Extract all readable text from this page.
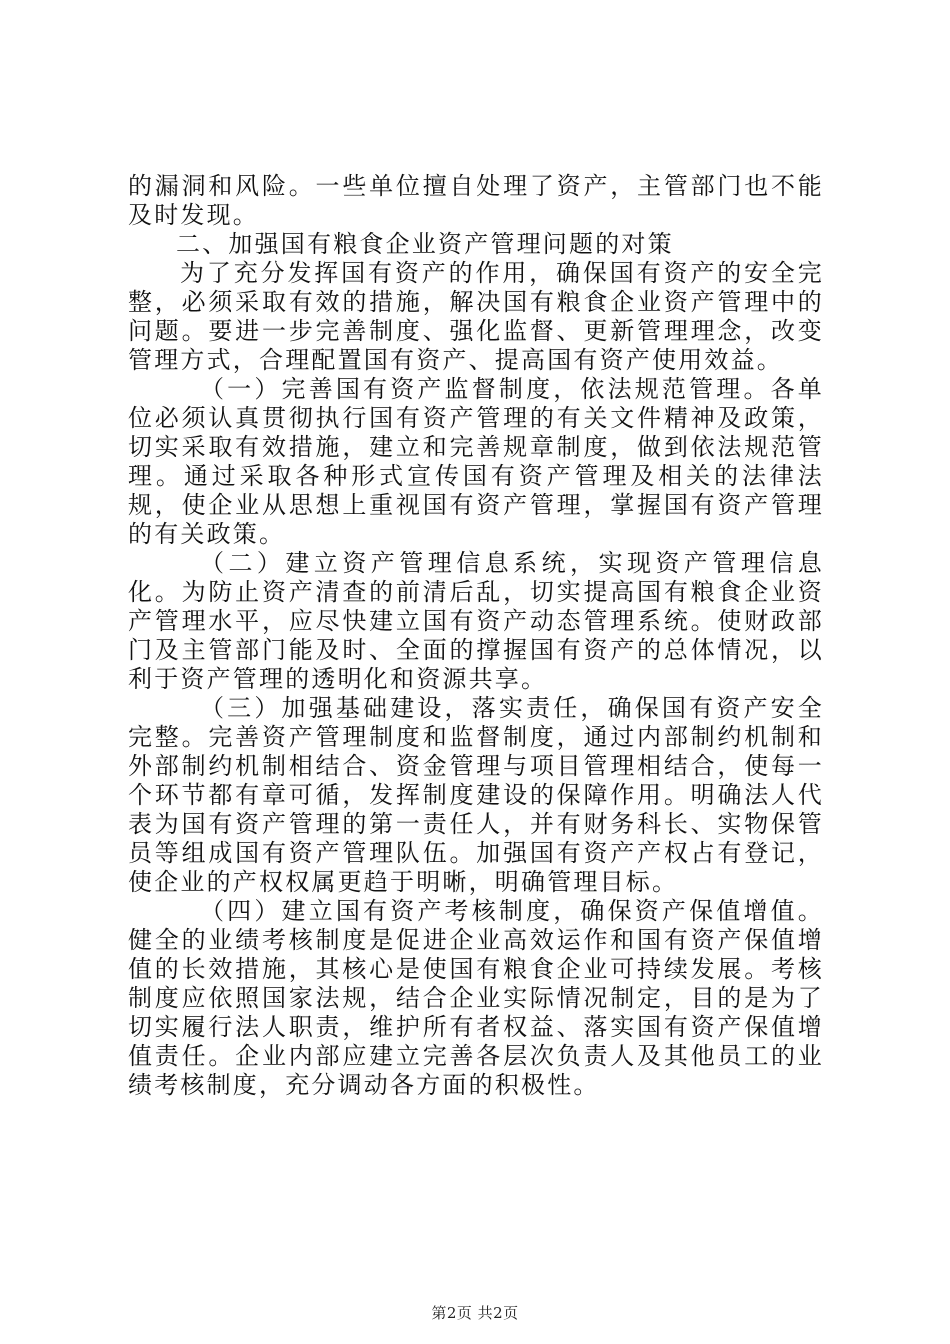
的漏洞和风险。一些单位擅自处理了资产，主管部门也不能及时发现。

二、加强国有粮食企业资产管理问题的对策

为了充分发挥国有资产的作用，确保国有资产的安全完整，必须采取有效的措施，解决国有粮食企业资产管理中的问题。要进一步完善制度、强化监督、更新管理理念，改变管理方式，合理配置国有资产、提高国有资产使用效益。

（一）完善国有资产监督制度，依法规范管理。各单位必须认真贯彻执行国有资产管理的有关文件精神及政策，切实采取有效措施，建立和完善规章制度，做到依法规范管理。通过采取各种形式宣传国有资产管理及相关的法律法规，使企业从思想上重视国有资产管理，掌握国有资产管理的有关政策。

（二）建立资产管理信息系统，实现资产管理信息化。为防止资产清查的前清后乱，切实提高国有粮食企业资产管理水平，应尽快建立国有资产动态管理系统。使财政部门及主管部门能及时、全面的撑握国有资产的总体情况，以利于资产管理的透明化和资源共享。

（三）加强基础建设，落实责任，确保国有资产安全完整。完善资产管理制度和监督制度，通过内部制约机制和外部制约机制相结合、资金管理与项目管理相结合，使每一个环节都有章可循，发挥制度建设的保障作用。明确法人代表为国有资产管理的第一责任人，并有财务科长、实物保管员等组成国有资产管理队伍。加强国有资产产权占有登记，使企业的产权权属更趋于明晰，明确管理目标。

（四）建立国有资产考核制度，确保资产保值增值。健全的业绩考核制度是促进企业高效运作和国有资产保值增值的长效措施，其核心是使国有粮食企业可持续发展。考核制度应依照国家法规，结合企业实际情况制定，目的是为了切实履行法人职责，维护所有者权益、落实国有资产保值增值责任。企业内部应建立完善各层次负责人及其他员工的业绩考核制度，充分调动各方面的积极性。

第2页 共2页
